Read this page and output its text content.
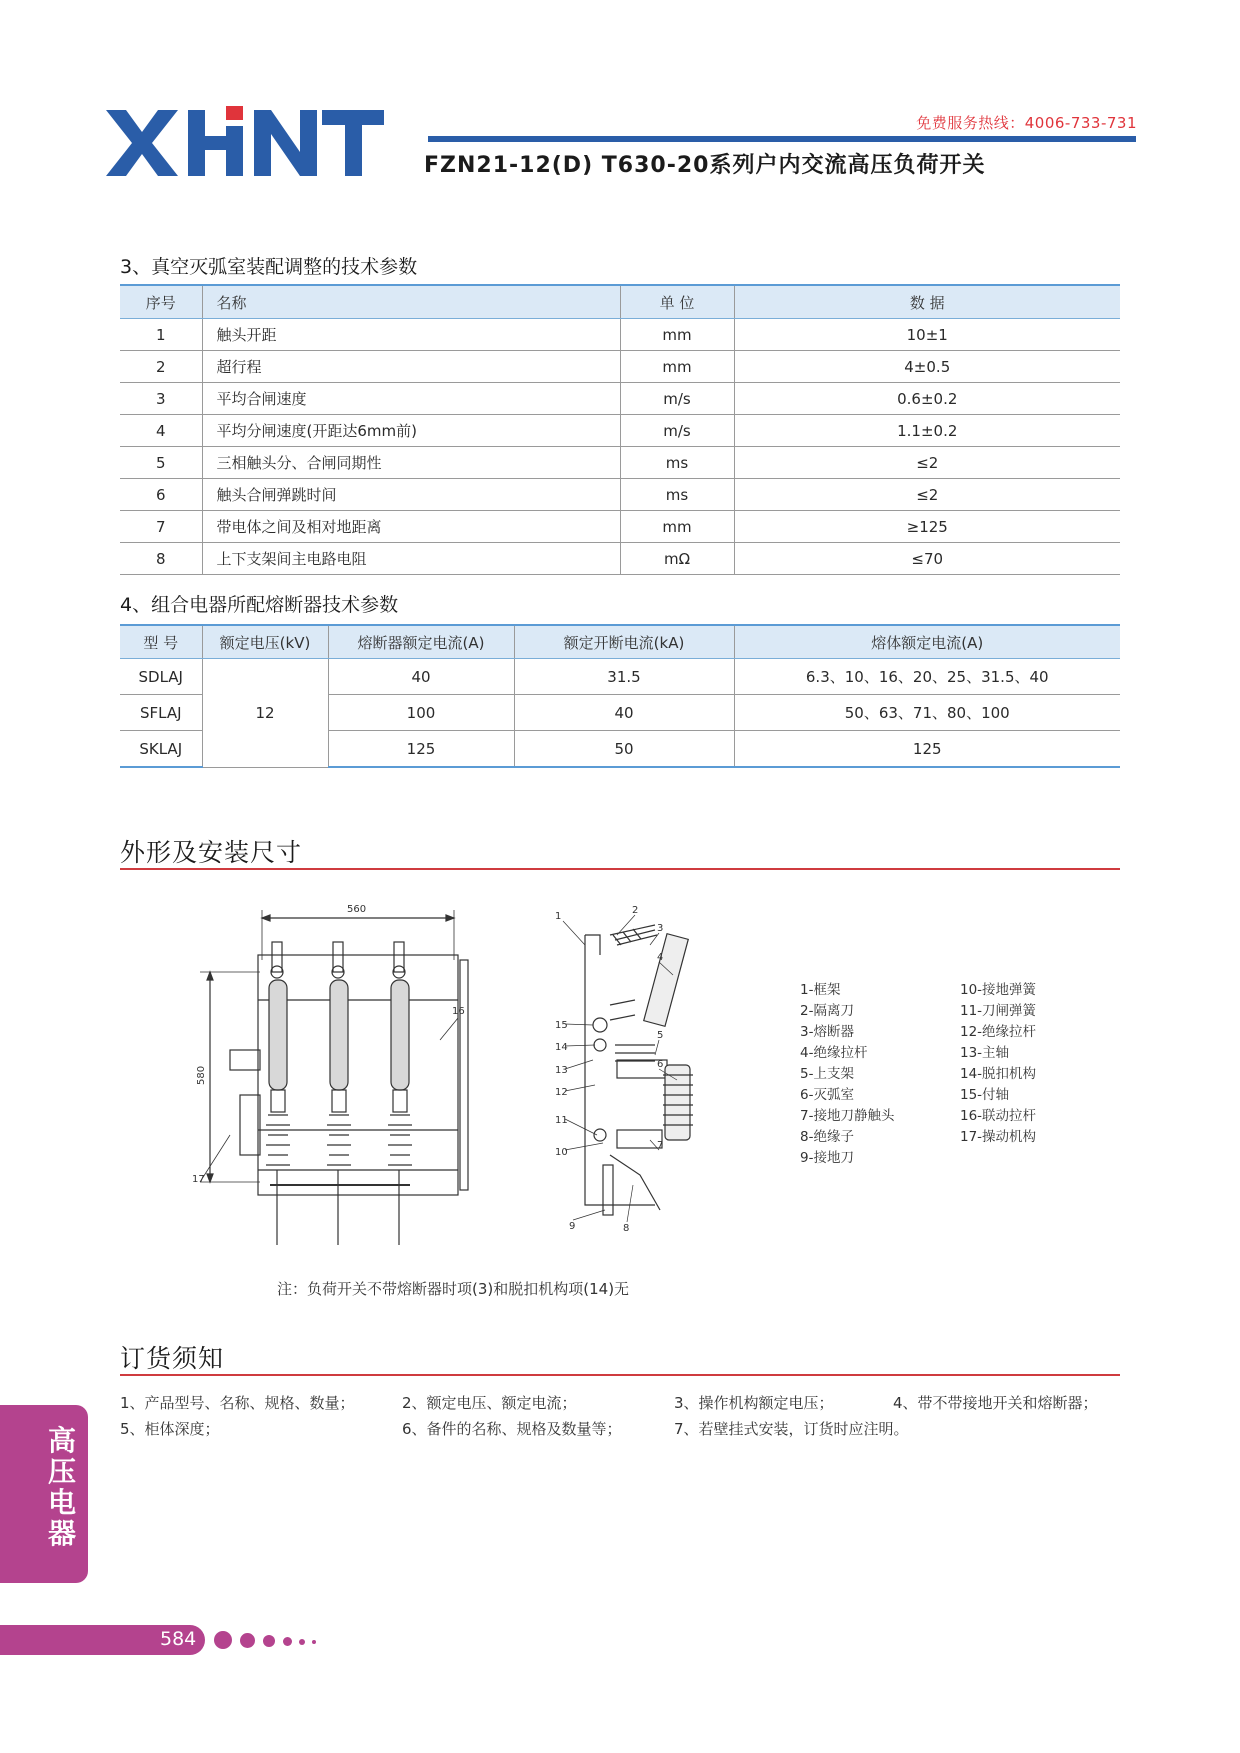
免费服务热线：4006-733-731
FZN21-12(D) T630-20系列户内交流高压负荷开关
3、真空灭弧室装配调整的技术参数
序号	名称	单 位	数 据
1	触头开距	mm	10±1
2	超行程	mm	4±0.5
3	平均合闸速度	m/s	0.6±0.2
4	平均分闸速度(开距达6mm前)	m/s	1.1±0.2
5	三相触头分、合闸同期性	ms	≤2
6	触头合闸弹跳时间	ms	≤2
7	带电体之间及相对地距离	mm	≥125
8	上下支架间主电路电阻	mΩ	≤70
4、组合电器所配熔断器技术参数
型 号	额定电压(kV)	熔断器额定电流(A)	额定开断电流(kA)	熔体额定电流(A)
SDLAJ	12	40	31.5	6.3、10、16、20、25、31.5、40
SFLAJ		100	40	50、63、71、80、100
SKLAJ		125	50	125
外形及安装尺寸
560
580
16
17
1
2
3
4
5
6
7
8
9
10
11
12
13
14
15
1-框架
2-隔离刀
3-熔断器
4-绝缘拉杆
5-上支架
6-灭弧室
7-接地刀静触头
8-绝缘子
9-接地刀
10-接地弹簧
11-刀闸弹簧
12-绝缘拉杆
13-主轴
14-脱扣机构
15-付轴
16-联动拉杆
17-操动机构
注：负荷开关不带熔断器时项(3)和脱扣机构项(14)无
订货须知
1、产品型号、名称、规格、数量；	2、额定电压、额定电流；	3、操作机构额定电压；	4、带不带接地开关和熔断器；
5、柜体深度；	6、备件的名称、规格及数量等；	7、若壁挂式安装，订货时应注明。
高压电器
584
